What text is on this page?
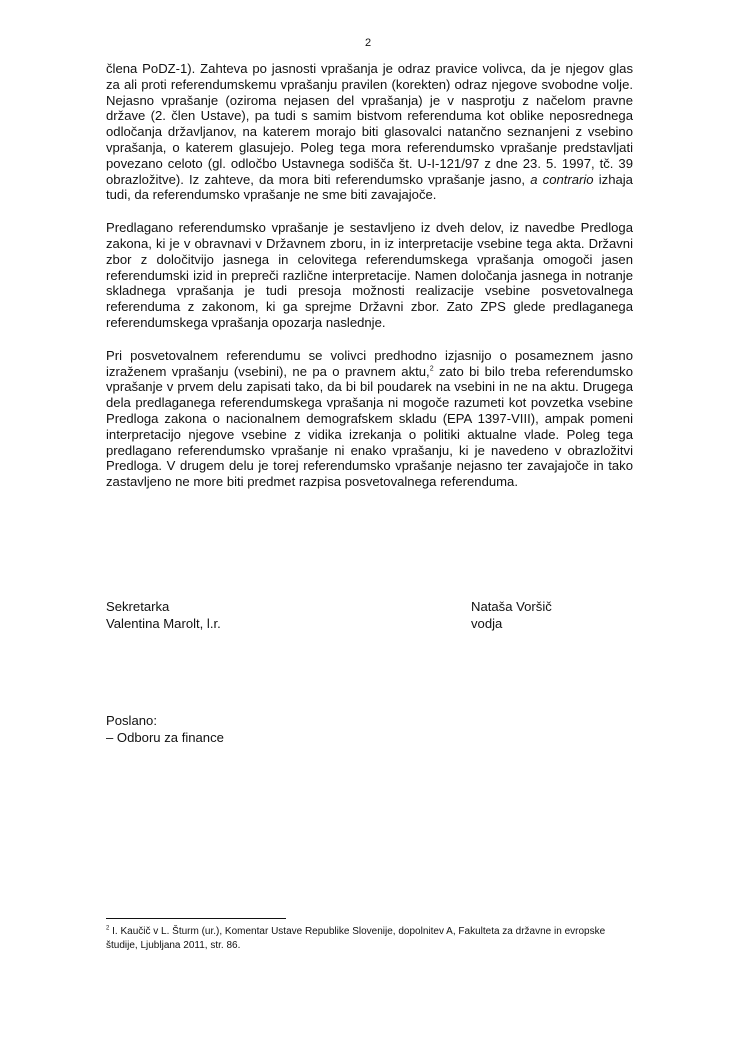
2

člena PoDZ-1). Zahteva po jasnosti vprašanja je odraz pravice volivca, da je njegov glas za ali proti referendumskemu vprašanju pravilen (korekten) odraz njegove svobodne volje. Nejasno vprašanje (oziroma nejasen del vprašanja) je v nasprotju z načelom pravne države (2. člen Ustave), pa tudi s samim bistvom referenduma kot oblike neposrednega odločanja državljanov, na katerem morajo biti glasovalci natančno seznanjeni z vsebino vprašanja, o katerem glasujejo. Poleg tega mora referendumsko vprašanje predstavljati povezano celoto (gl. odločbo Ustavnega sodišča št. U-I-121/97 z dne 23. 5. 1997, tč. 39 obrazložitve). Iz zahteve, da mora biti referendumsko vprašanje jasno, a contrario izhaja tudi, da referendumsko vprašanje ne sme biti zavajajoče.

Predlagano referendumsko vprašanje je sestavljeno iz dveh delov, iz navedbe Predloga zakona, ki je v obravnavi v Državnem zboru, in iz interpretacije vsebine tega akta. Državni zbor z določitvijo jasnega in celovitega referendumskega vprašanja omogoči jasen referendumski izid in prepreči različne interpretacije. Namen določanja jasnega in notranje skladnega vprašanja je tudi presoja možnosti realizacije vsebine posvetovalnega referenduma z zakonom, ki ga sprejme Državni zbor. Zato ZPS glede predlaganega referendumskega vprašanja opozarja naslednje.

Pri posvetovalnem referendumu se volivci predhodno izjasnijo o posameznem jasno izraženem vprašanju (vsebini), ne pa o pravnem aktu,$^2$ zato bi bilo treba referendumsko vprašanje v prvem delu zapisati tako, da bi bil poudarek na vsebini in ne na aktu. Drugega dela predlaganega referendumskega vprašanja ni mogoče razumeti kot povzetka vsebine Predloga zakona o nacionalnem demografskem skladu (EPA 1397-VIII), ampak pomeni interpretacijo njegove vsebine z vidika izrekanja o politiki aktualne vlade. Poleg tega predlagano referendumsko vprašanje ni enako vprašanju, ki je navedeno v obrazložitvi Predloga. V drugem delu je torej referendumsko vprašanje nejasno ter zavajajoče in tako zastavljeno ne more biti predmet razpisa posvetovalnega referenduma.

Sekretarka
Valentina Marolt, l.r.
Nataša Voršič
vodja
Poslano:
– Odboru za finance
$^2$ I. Kaučič v L. Šturm (ur.), Komentar Ustave Republike Slovenije, dopolnitev A, Fakulteta za državne in evropske študije, Ljubljana 2011, str. 86.
